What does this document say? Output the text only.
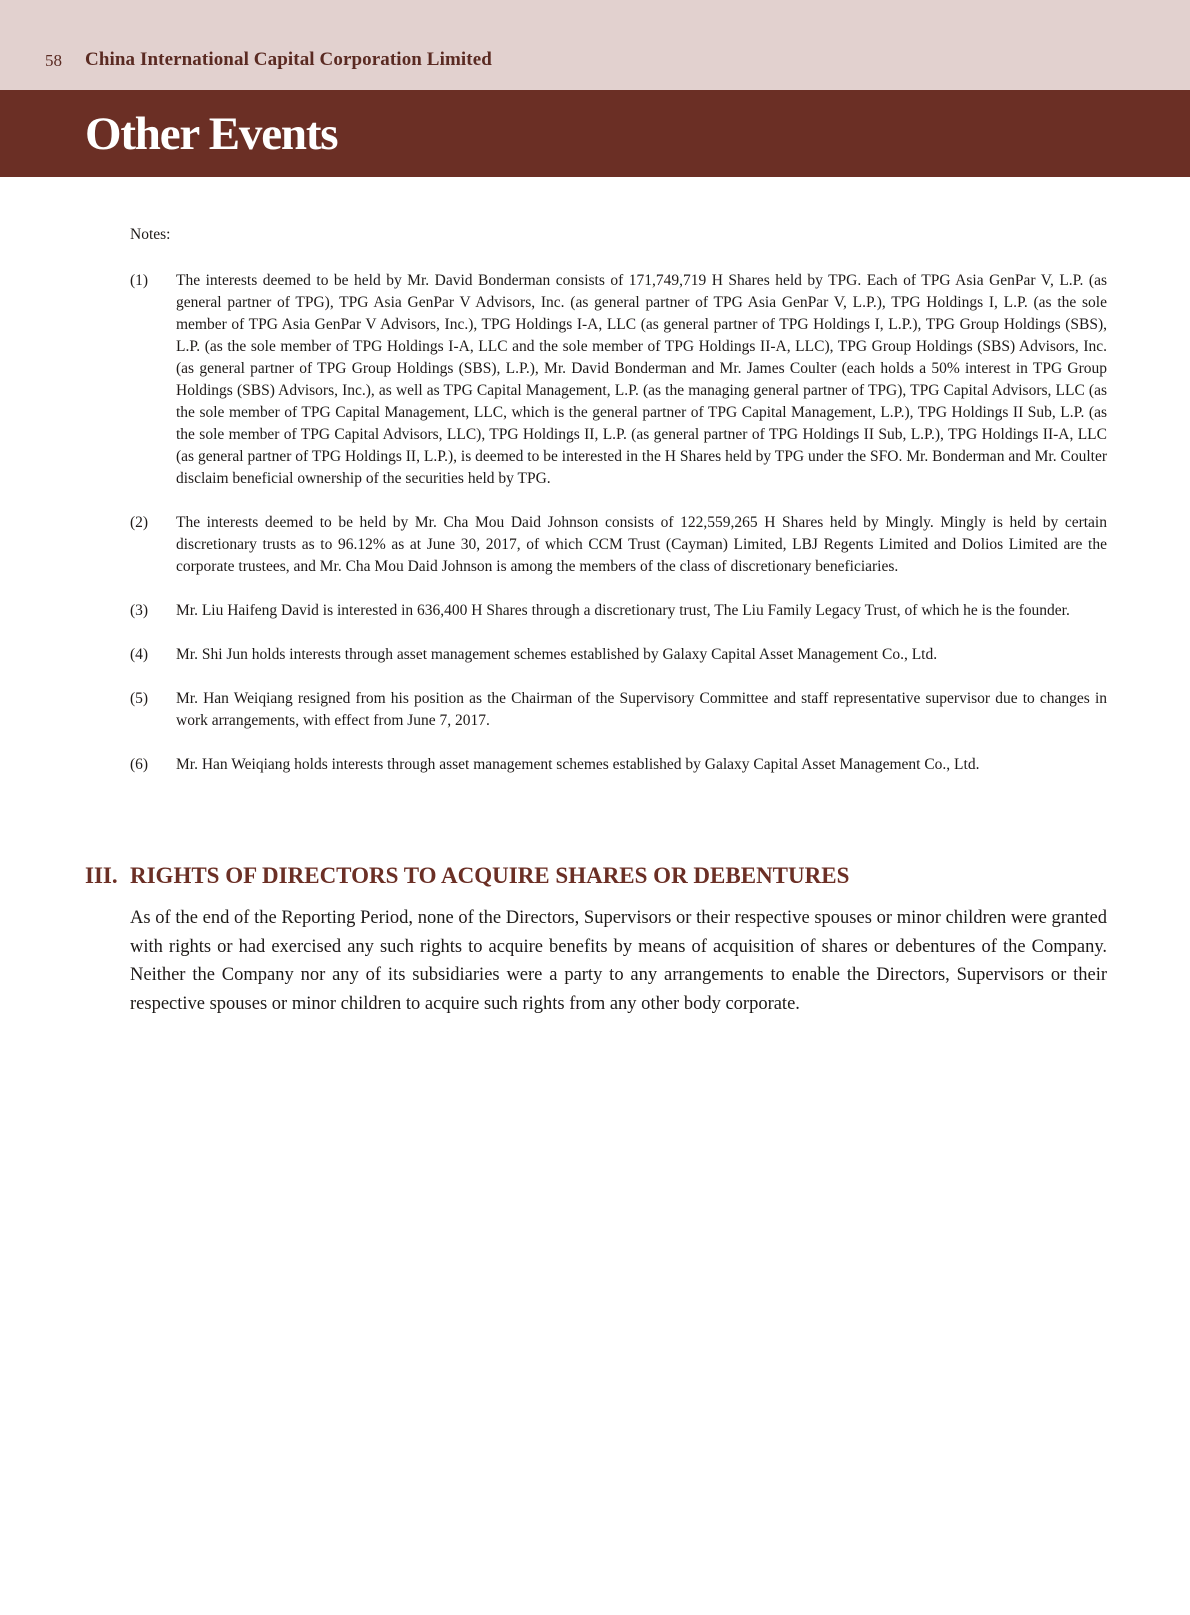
58 China International Capital Corporation Limited
Other Events
Notes:
(1) The interests deemed to be held by Mr. David Bonderman consists of 171,749,719 H Shares held by TPG. Each of TPG Asia GenPar V, L.P. (as general partner of TPG), TPG Asia GenPar V Advisors, Inc. (as general partner of TPG Asia GenPar V, L.P.), TPG Holdings I, L.P. (as the sole member of TPG Asia GenPar V Advisors, Inc.), TPG Holdings I-A, LLC (as general partner of TPG Holdings I, L.P.), TPG Group Holdings (SBS), L.P. (as the sole member of TPG Holdings I-A, LLC and the sole member of TPG Holdings II-A, LLC), TPG Group Holdings (SBS) Advisors, Inc. (as general partner of TPG Group Holdings (SBS), L.P.), Mr. David Bonderman and Mr. James Coulter (each holds a 50% interest in TPG Group Holdings (SBS) Advisors, Inc.), as well as TPG Capital Management, L.P. (as the managing general partner of TPG), TPG Capital Advisors, LLC (as the sole member of TPG Capital Management, LLC, which is the general partner of TPG Capital Management, L.P.), TPG Holdings II Sub, L.P. (as the sole member of TPG Capital Advisors, LLC), TPG Holdings II, L.P. (as general partner of TPG Holdings II Sub, L.P.), TPG Holdings II-A, LLC (as general partner of TPG Holdings II, L.P.), is deemed to be interested in the H Shares held by TPG under the SFO. Mr. Bonderman and Mr. Coulter disclaim beneficial ownership of the securities held by TPG.
(2) The interests deemed to be held by Mr. Cha Mou Daid Johnson consists of 122,559,265 H Shares held by Mingly. Mingly is held by certain discretionary trusts as to 96.12% as at June 30, 2017, of which CCM Trust (Cayman) Limited, LBJ Regents Limited and Dolios Limited are the corporate trustees, and Mr. Cha Mou Daid Johnson is among the members of the class of discretionary beneficiaries.
(3) Mr. Liu Haifeng David is interested in 636,400 H Shares through a discretionary trust, The Liu Family Legacy Trust, of which he is the founder.
(4) Mr. Shi Jun holds interests through asset management schemes established by Galaxy Capital Asset Management Co., Ltd.
(5) Mr. Han Weiqiang resigned from his position as the Chairman of the Supervisory Committee and staff representative supervisor due to changes in work arrangements, with effect from June 7, 2017.
(6) Mr. Han Weiqiang holds interests through asset management schemes established by Galaxy Capital Asset Management Co., Ltd.
III. RIGHTS OF DIRECTORS TO ACQUIRE SHARES OR DEBENTURES

As of the end of the Reporting Period, none of the Directors, Supervisors or their respective spouses or minor children were granted with rights or had exercised any such rights to acquire benefits by means of acquisition of shares or debentures of the Company. Neither the Company nor any of its subsidiaries were a party to any arrangements to enable the Directors, Supervisors or their respective spouses or minor children to acquire such rights from any other body corporate.
